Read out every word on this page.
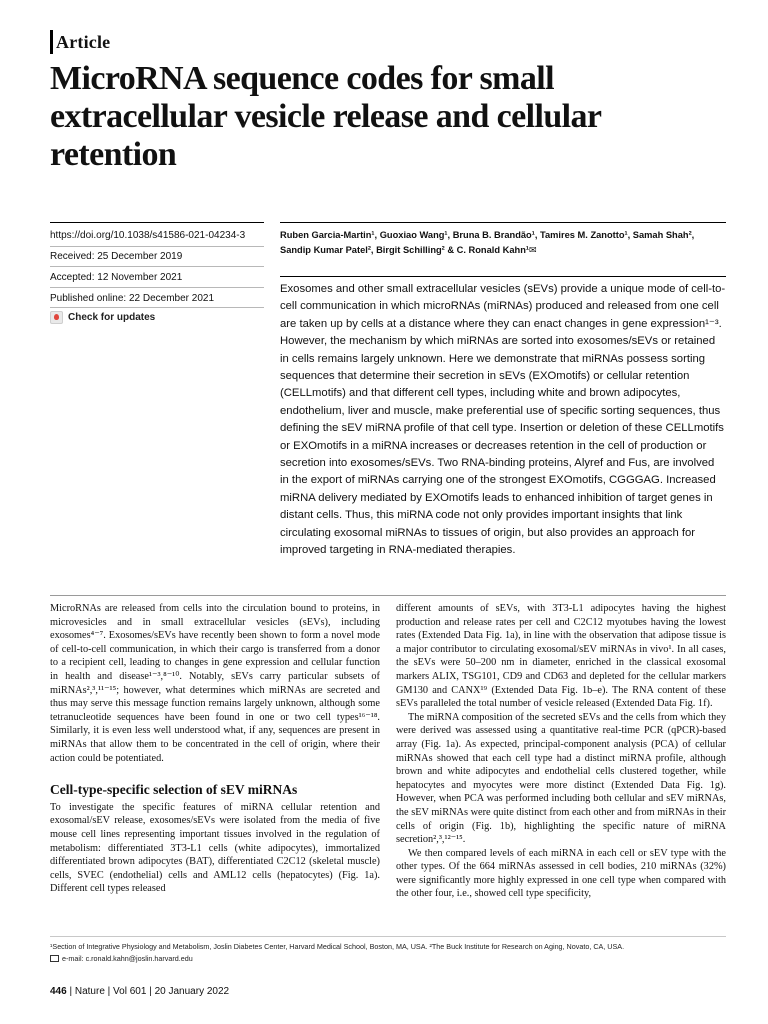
Article
MicroRNA sequence codes for small extracellular vesicle release and cellular retention
https://doi.org/10.1038/s41586-021-04234-3
Received: 25 December 2019
Accepted: 12 November 2021
Published online: 22 December 2021
Check for updates
Ruben Garcia-Martin¹, Guoxiao Wang¹, Bruna B. Brandão¹, Tamires M. Zanotto¹, Samah Shah², Sandip Kumar Patel², Birgit Schilling² & C. Ronald Kahn¹✉
Exosomes and other small extracellular vesicles (sEVs) provide a unique mode of cell-to-cell communication in which microRNAs (miRNAs) produced and released from one cell are taken up by cells at a distance where they can enact changes in gene expression¹⁻³. However, the mechanism by which miRNAs are sorted into exosomes/sEVs or retained in cells remains largely unknown. Here we demonstrate that miRNAs possess sorting sequences that determine their secretion in sEVs (EXOmotifs) or cellular retention (CELLmotifs) and that different cell types, including white and brown adipocytes, endothelium, liver and muscle, make preferential use of specific sorting sequences, thus defining the sEV miRNA profile of that cell type. Insertion or deletion of these CELLmotifs or EXOmotifs in a miRNA increases or decreases retention in the cell of production or secretion into exosomes/sEVs. Two RNA-binding proteins, Alyref and Fus, are involved in the export of miRNAs carrying one of the strongest EXOmotifs, CGGGAG. Increased miRNA delivery mediated by EXOmotifs leads to enhanced inhibition of target genes in distant cells. Thus, this miRNA code not only provides important insights that link circulating exosomal miRNAs to tissues of origin, but also provides an approach for improved targeting in RNA-mediated therapies.

MicroRNAs are released from cells into the circulation bound to proteins, in microvesicles and in small extracellular vesicles (sEVs), including exosomes⁴⁻⁷. Exosomes/sEVs have recently been shown to form a novel mode of cell-to-cell communication, in which their cargo is transferred from a donor to a recipient cell, leading to changes in gene expression and cellular function in health and disease¹⁻³,⁸⁻¹⁰. Notably, sEVs carry particular subsets of miRNAs²,³,¹¹⁻¹⁵; however, what determines which miRNAs are secreted and thus may serve this message function remains largely unknown, although some tetranucleotide sequences have been found in one or two cell types¹⁶⁻¹⁸. Similarly, it is even less well understood what, if any, sequences are present in miRNAs that allow them to be concentrated in the cell of origin, where their action could be potentiated.

Cell-type-specific selection of sEV miRNAs

To investigate the specific features of miRNA cellular retention and exosomal/sEV release, exosomes/sEVs were isolated from the media of five mouse cell lines representing important tissues involved in the regulation of metabolism: differentiated 3T3-L1 cells (white adipocytes), immortalized differentiated brown adipocytes (BAT), differentiated C2C12 (skeletal muscle) cells, SVEC (endothelial) cells and AML12 cells (hepatocytes) (Fig. 1a). Different cell types released

different amounts of sEVs, with 3T3-L1 adipocytes having the highest production and release rates per cell and C2C12 myotubes having the lowest rates (Extended Data Fig. 1a), in line with the observation that adipose tissue is a major contributor to circulating exosomal/sEV miRNAs in vivo¹. In all cases, the sEVs were 50–200 nm in diameter, enriched in the classical exosomal markers ALIX, TSG101, CD9 and CD63 and depleted for the cellular markers GM130 and CANX¹⁹ (Extended Data Fig. 1b–e). The RNA content of these sEVs paralleled the total number of vesicle released (Extended Data Fig. 1f).

The miRNA composition of the secreted sEVs and the cells from which they were derived was assessed using a quantitative real-time PCR (qPCR)-based array (Fig. 1a). As expected, principal-component analysis (PCA) of cellular miRNAs showed that each cell type had a distinct miRNA profile, although brown and white adipocytes and endothelial cells clustered together, while hepatocytes and myocytes were more distinct (Extended Data Fig. 1g). However, when PCA was performed including both cellular and sEV miRNAs, the sEV miRNAs were quite distinct from each other and from miRNAs in their cells of origin (Fig. 1b), highlighting the specific nature of miRNA secretion²,³,¹²⁻¹⁵.

We then compared levels of each miRNA in each cell or sEV type with the other types. Of the 664 miRNAs assessed in cell bodies, 210 miRNAs (32%) were significantly more highly expressed in one cell type when compared with the other four, i.e., showed cell type specificity,

¹Section of Integrative Physiology and Metabolism, Joslin Diabetes Center, Harvard Medical School, Boston, MA, USA. ²The Buck Institute for Research on Aging, Novato, CA, USA.
e-mail: c.ronald.kahn@joslin.harvard.edu
446 | Nature | Vol 601 | 20 January 2022
